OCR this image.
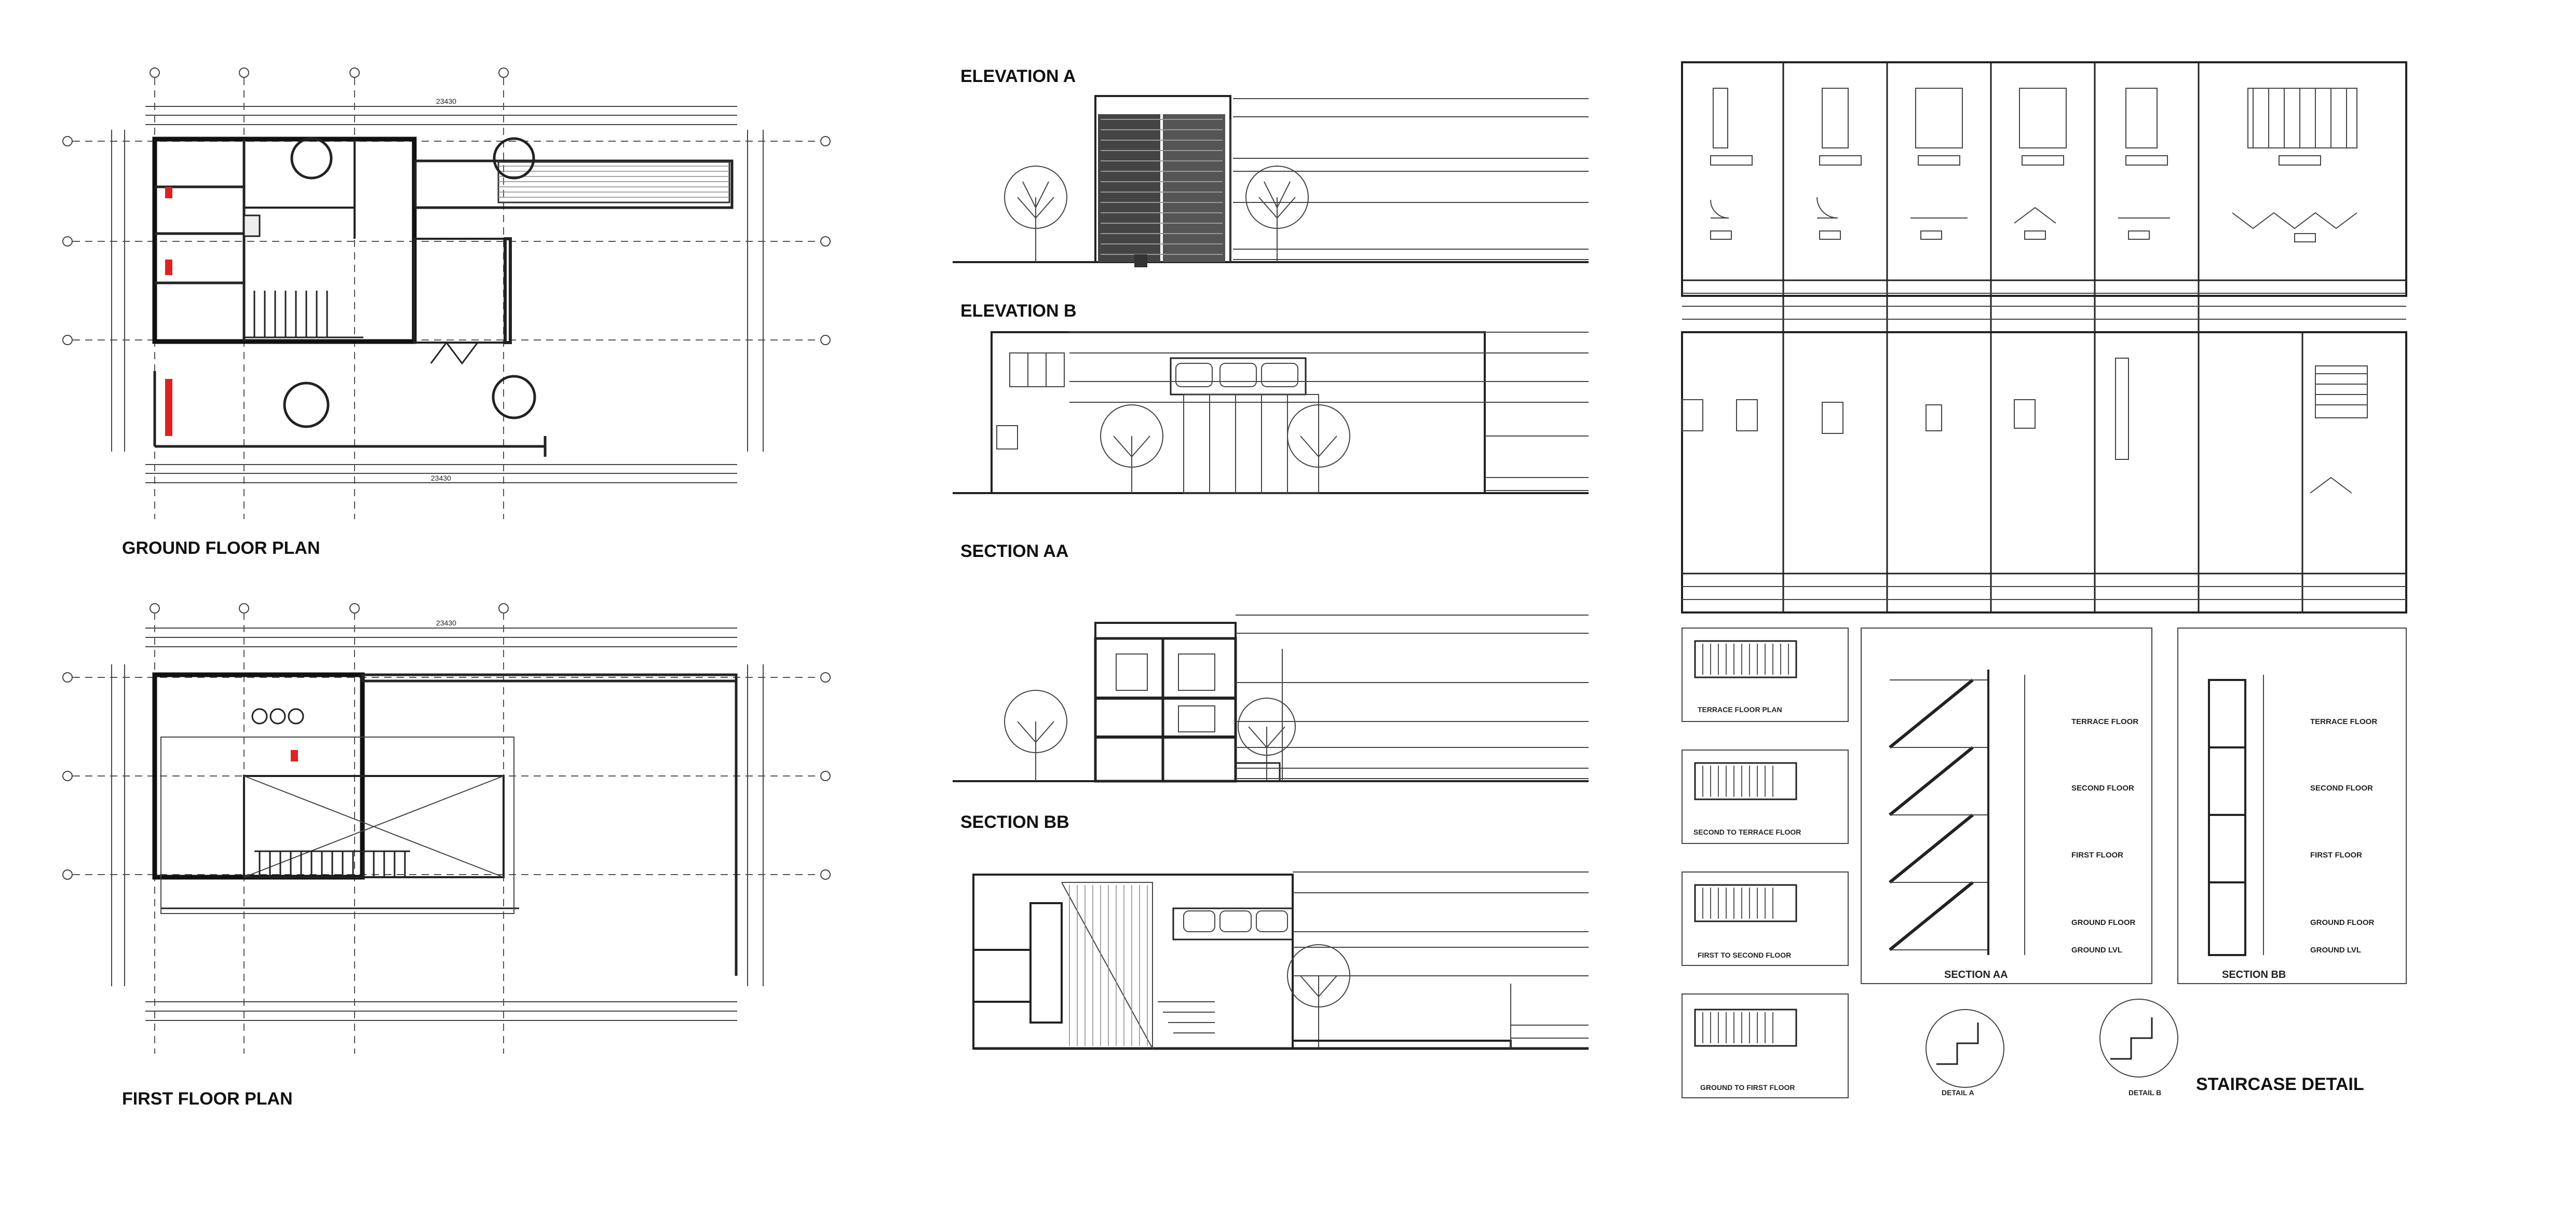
23430
23430
GROUND FLOOR PLAN
23430
FIRST FLOOR PLAN
ELEVATION A
ELEVATION B
SECTION AA
SECTION BB
TERRACE FLOOR PLAN
SECOND TO TERRACE FLOOR
FIRST TO SECOND FLOOR
GROUND TO FIRST FLOOR
TERRACE FLOOR
SECOND FLOOR
FIRST FLOOR
GROUND FLOOR
GROUND LVL
SECTION AA
TERRACE FLOOR
SECOND FLOOR
FIRST FLOOR
GROUND FLOOR
GROUND LVL
SECTION BB
DETAIL A	DETAIL B STAIRCASE DETAIL
